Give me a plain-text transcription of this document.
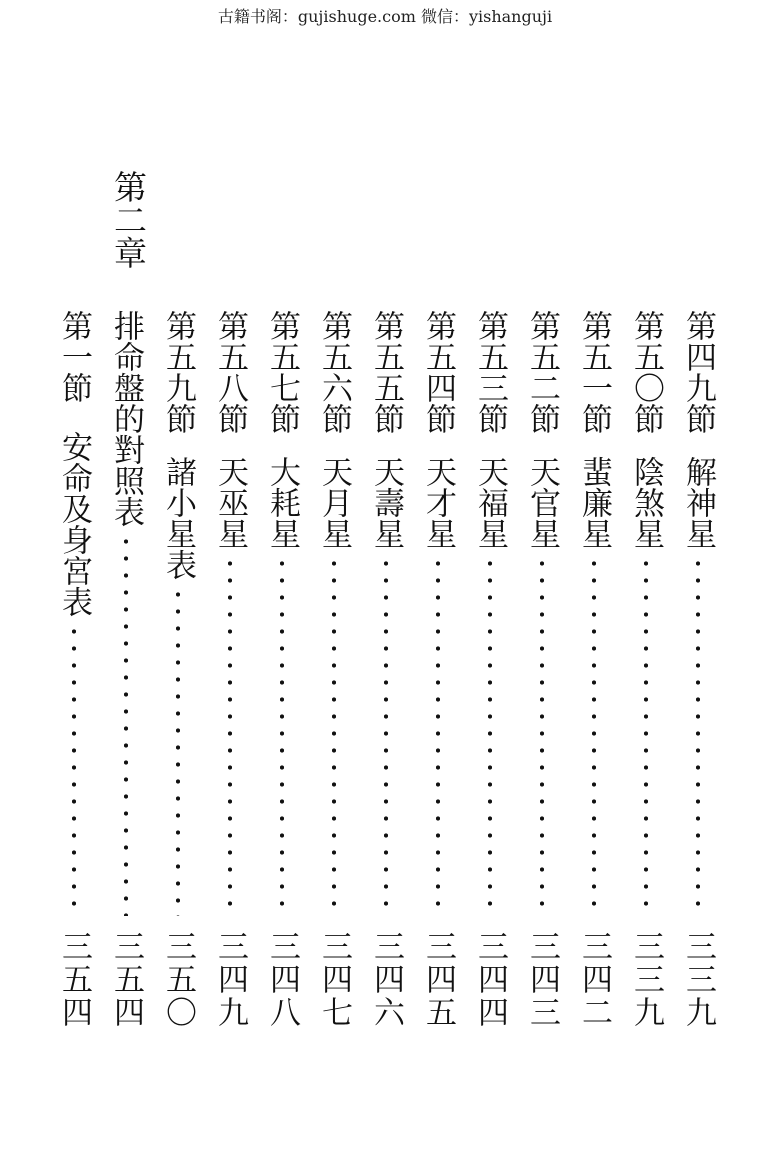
古籍书阁：gujishuge.com 微信：yishanguji
第二章
第四九節
解神星
三三九
第五〇節
陰煞星
三三九
第五一節
蜚廉星
三四二
第五二節
天官星
三四三
第五三節
天福星
三四四
第五四節
天才星
三四五
第五五節
天壽星
三四六
第五六節
天月星
三四七
第五七節
大耗星
三四八
第五八節
天巫星
三四九
第五九節
諸小星表
三五〇
排命盤的對照表
三五四
第一節
安命及身宮表
三五四
